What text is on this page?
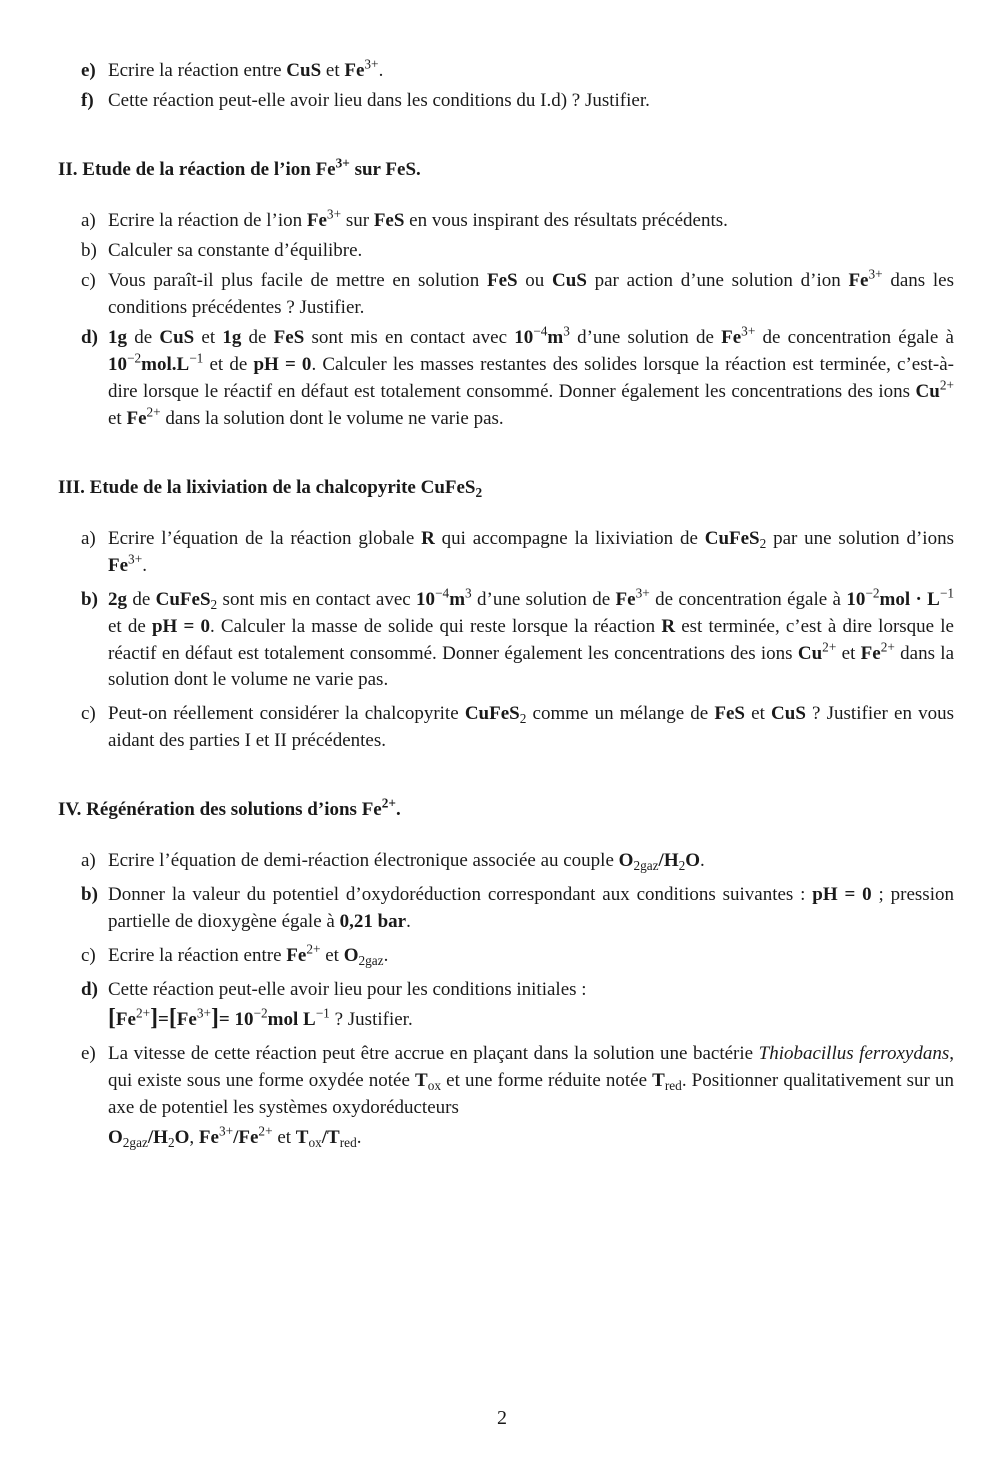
e) Ecrire la réaction entre CuS et $Fe^{3+}$.
f) Cette réaction peut-elle avoir lieu dans les conditions du I.d) ? Justifier.

II. Etude de la réaction de l’ion $Fe^{3+}$ sur FeS.

a) Ecrire la réaction de l’ion $Fe^{3+}$ sur FeS en vous inspirant des résultats précédents.
b) Calculer sa constante d’équilibre.
c) Vous paraît-il plus facile de mettre en solution FeS ou CuS par action d’une solution d’ion $Fe^{3+}$ dans les conditions précédentes ? Justifier.
d) 1g de CuS et 1g de FeS sont mis en contact avec $10^{-4}m^3$ d’une solution de $Fe^{3+}$ de concentration égale à $10^{-2}mol.L^{-1}$ et de pH = 0. Calculer les masses restantes des solides lorsque la réaction est terminée, c’est-à-dire lorsque le réactif en défaut est totalement consommé. Donner également les concentrations des ions $Cu^{2+}$ et $Fe^{2+}$ dans la solution dont le volume ne varie pas.

III. Etude de la lixiviation de la chalcopyrite CuFeS$_2$

a) Ecrire l’équation de la réaction globale R qui accompagne la lixiviation de CuFeS$_2$ par une solution d’ions $Fe^{3+}$.
b) 2g de CuFeS$_2$ sont mis en contact avec $10^{-4}m^3$ d’une solution de $Fe^{3+}$ de concentration égale à $10^{-2}mol \cdot L^{-1}$ et de pH = 0. Calculer la masse de solide qui reste lorsque la réaction R est terminée, c’est à dire lorsque le réactif en défaut est totalement consommé. Donner également les concentrations des ions $Cu^{2+}$ et $Fe^{2+}$ dans la solution dont le volume ne varie pas.
c) Peut-on réellement considérer la chalcopyrite CuFeS$_2$ comme un mélange de FeS et CuS ? Justifier en vous aidant des parties I et II précédentes.

IV. Régénération des solutions d’ions $Fe^{2+}$.

a) Ecrire l’équation de demi-réaction électronique associée au couple $O_{2gaz}/H_2O$.
b) Donner la valeur du potentiel d’oxydoréduction correspondant aux conditions suivantes : pH = 0 ; pression partielle de dioxygène égale à 0,21 bar.
c) Ecrire la réaction entre $Fe^{2+}$ et $O_{2gaz}$.
d) Cette réaction peut-elle avoir lieu pour les conditions initiales :
$[Fe^{2+}]=[Fe^{3+}]= 10^{-2}mol$ $L^{-1}$ ? Justifier.
e) La vitesse de cette réaction peut être accrue en plaçant dans la solution une bactérie Thiobacillus ferroxydans, qui existe sous une forme oxydée notée $T_{ox}$ et une forme réduite notée $T_{red}$. Positionner qualitativement sur un axe de potentiel les systèmes oxydoréducteurs
$O_{2gaz}/H_2O$, $Fe^{3+}/Fe^{2+}$ et $T_{ox}/T_{red}$.
2
